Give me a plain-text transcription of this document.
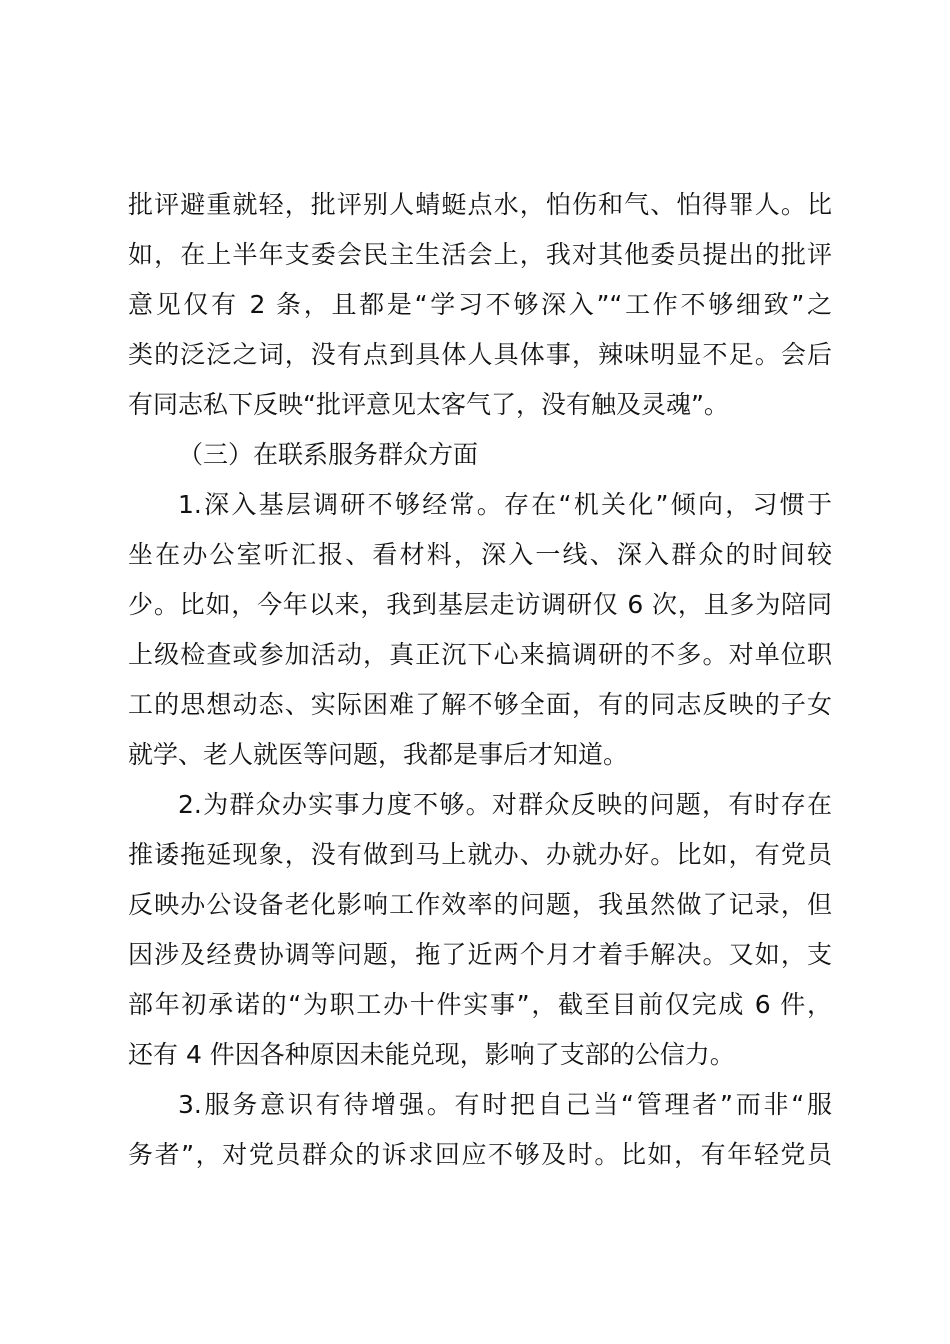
批评避重就轻，批评别人蜻蜓点水，怕伤和气、怕得罪人。比
如，在上半年支委会民主生活会上，我对其他委员提出的批评
意见仅有 2 条，且都是“学习不够深入”“工作不够细致”之
类的泛泛之词，没有点到具体人具体事，辣味明显不足。会后
有同志私下反映“批评意见太客气了，没有触及灵魂”。
（三）在联系服务群众方面
1.深入基层调研不够经常。存在“机关化”倾向，习惯于
坐在办公室听汇报、看材料，深入一线、深入群众的时间较
少。比如，今年以来，我到基层走访调研仅 6 次，且多为陪同
上级检查或参加活动，真正沉下心来搞调研的不多。对单位职
工的思想动态、实际困难了解不够全面，有的同志反映的子女
就学、老人就医等问题，我都是事后才知道。
2.为群众办实事力度不够。对群众反映的问题，有时存在
推诿拖延现象，没有做到马上就办、办就办好。比如，有党员
反映办公设备老化影响工作效率的问题，我虽然做了记录，但
因涉及经费协调等问题，拖了近两个月才着手解决。又如，支
部年初承诺的“为职工办十件实事”，截至目前仅完成 6 件，
还有 4 件因各种原因未能兑现，影响了支部的公信力。
3.服务意识有待增强。有时把自己当“管理者”而非“服
务者”，对党员群众的诉求回应不够及时。比如，有年轻党员
